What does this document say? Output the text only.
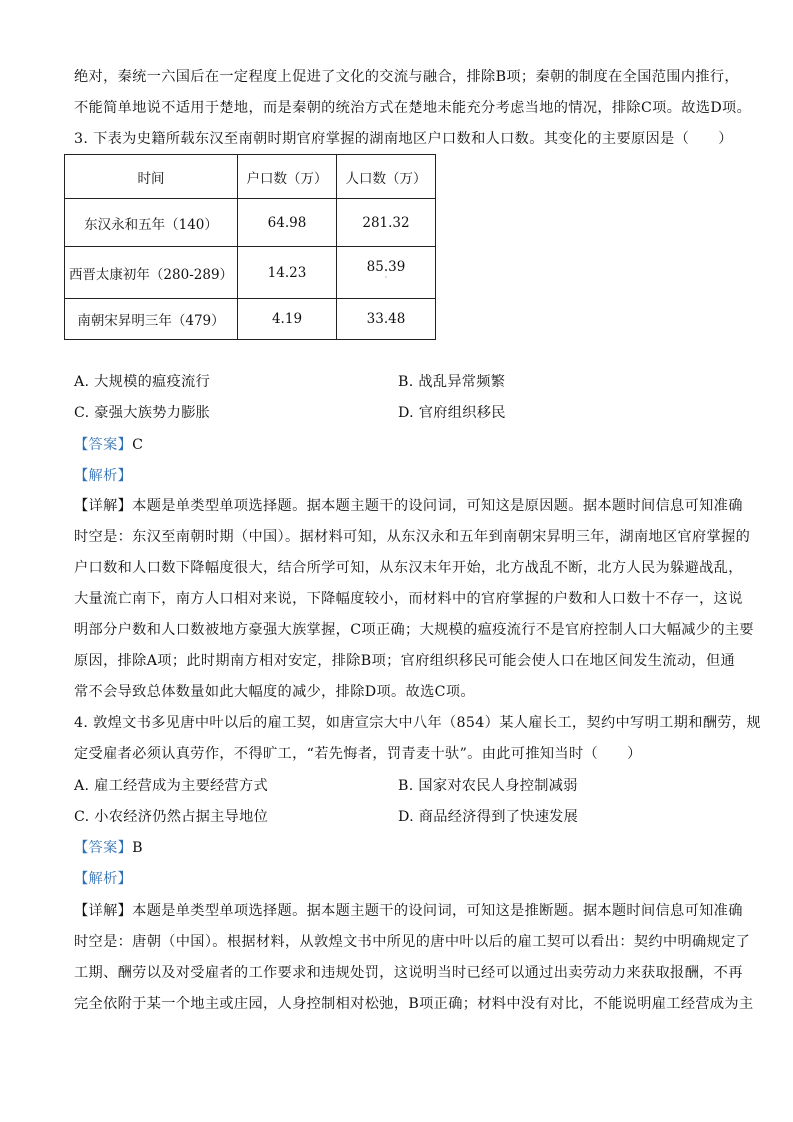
绝对，秦统一六国后在一定程度上促进了文化的交流与融合，排除B项；秦朝的制度在全国范围内推行，
不能简单地说不适用于楚地，而是秦朝的统治方式在楚地未能充分考虑当地的情况，排除C项。故选D项。
3. 下表为史籍所载东汉至南朝时期官府掌握的湖南地区户口数和人口数。其变化的主要原因是（　　）
时间	户口数（万）	人口数（万）
东汉永和五年（140）	64.98	281.32
西晋太康初年（280-289）	14.23	85.39
·

南朝宋昇明三年（479）	4.19	33.48
A. 大规模的瘟疫流行	B. 战乱异常频繁
C. 豪强大族势力膨胀	D. 官府组织移民
【答案】C
【解析】
【详解】本题是单类型单项选择题。据本题主题干的设问词，可知这是原因题。据本题时间信息可知准确
时空是：东汉至南朝时期（中国）。据材料可知，从东汉永和五年到南朝宋昇明三年，湖南地区官府掌握的
户口数和人口数下降幅度很大，结合所学可知，从东汉末年开始，北方战乱不断，北方人民为躲避战乱，
大量流亡南下，南方人口相对来说，下降幅度较小，而材料中的官府掌握的户数和人口数十不存一，这说
明部分户数和人口数被地方豪强大族掌握，C项正确；大规模的瘟疫流行不是官府控制人口大幅减少的主要
原因，排除A项；此时期南方相对安定，排除B项；官府组织移民可能会使人口在地区间发生流动，但通
常不会导致总体数量如此大幅度的减少，排除D项。故选C项。
4. 敦煌文书多见唐中叶以后的雇工契，如唐宣宗大中八年（854）某人雇长工，契约中写明工期和酬劳，规
定受雇者必须认真劳作，不得旷工，“若先悔者，罚青麦十驮”。由此可推知当时（　　）
A. 雇工经营成为主要经营方式	B. 国家对农民人身控制减弱
C. 小农经济仍然占据主导地位	D. 商品经济得到了快速发展
【答案】B
【解析】
【详解】本题是单类型单项选择题。据本题主题干的设问词，可知这是推断题。据本题时间信息可知准确
时空是：唐朝（中国）。根据材料，从敦煌文书中所见的唐中叶以后的雇工契可以看出：契约中明确规定了
工期、酬劳以及对受雇者的工作要求和违规处罚，这说明当时已经可以通过出卖劳动力来获取报酬，不再
完全依附于某一个地主或庄园，人身控制相对松弛，B项正确；材料中没有对比，不能说明雇工经营成为主
